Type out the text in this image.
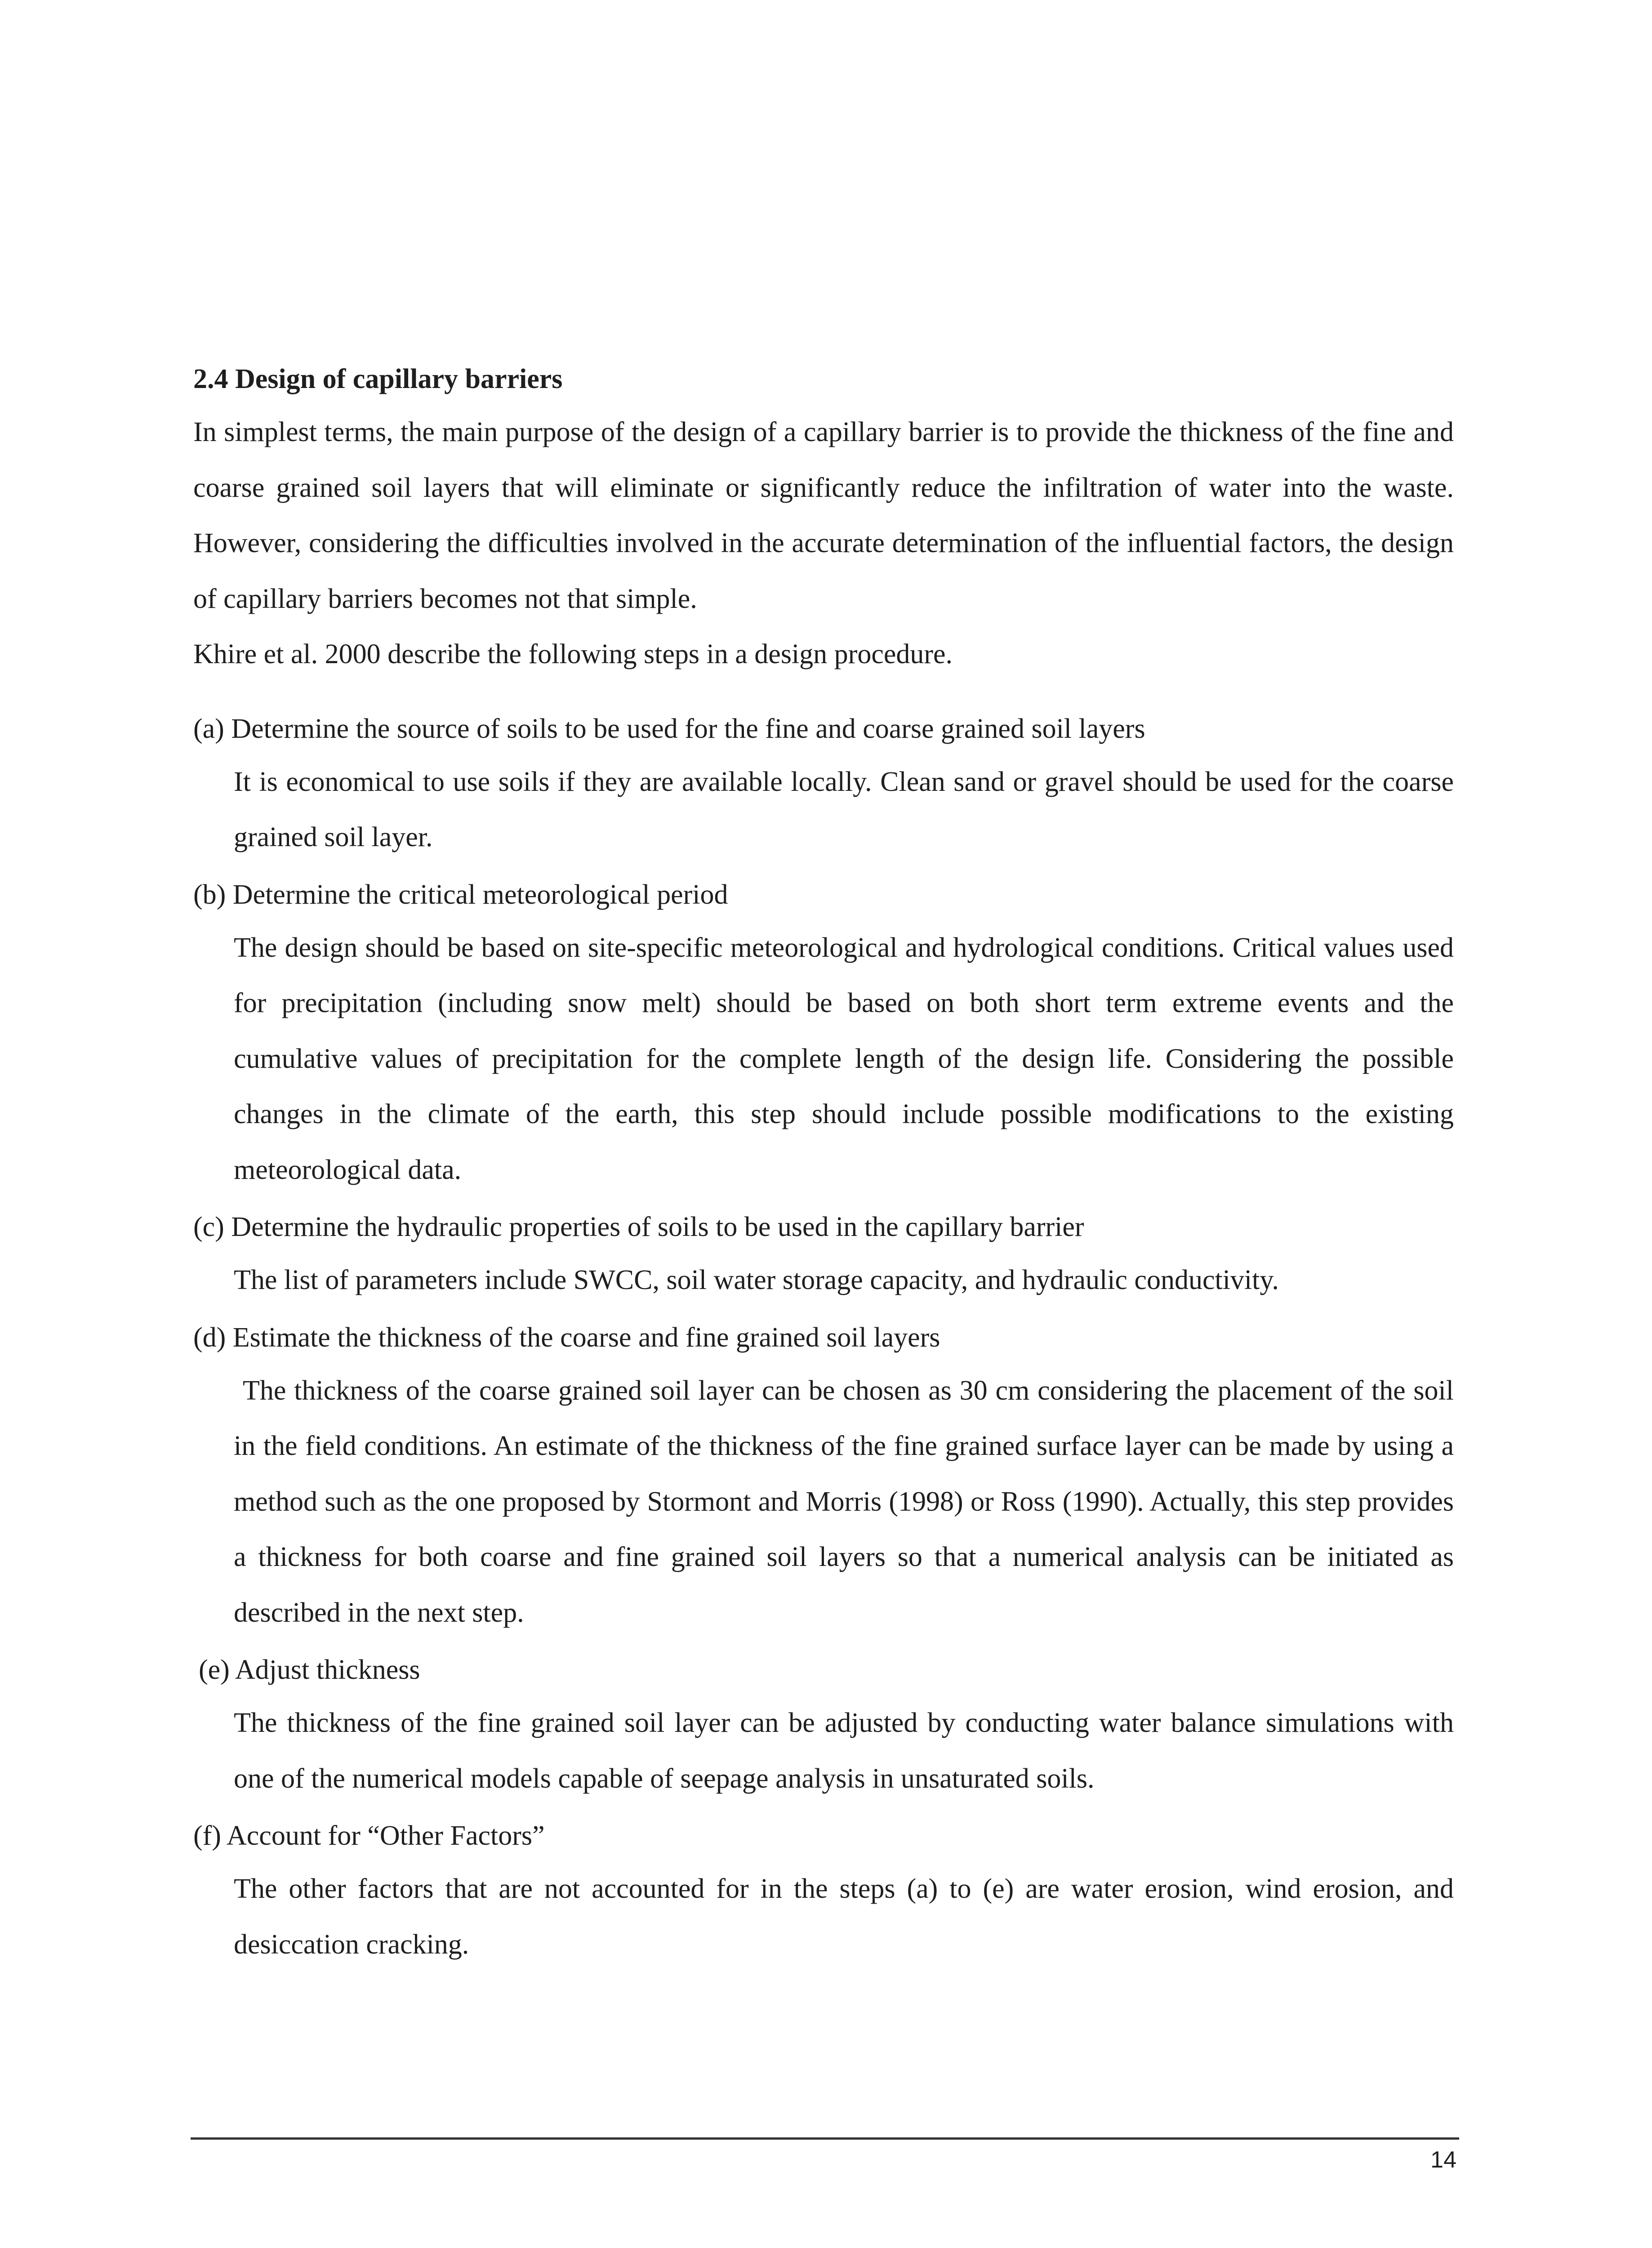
2.4 Design of capillary barriers

In simplest terms, the main purpose of the design of a capillary barrier is to provide the thickness of the fine and coarse grained soil layers that will eliminate or significantly reduce the infiltration of water into the waste. However, considering the difficulties involved in the accurate determination of the influential factors, the design of capillary barriers becomes not that simple.

Khire et al. 2000 describe the following steps in a design procedure.

(a) Determine the source of soils to be used for the fine and coarse grained soil layers
It is economical to use soils if they are available locally. Clean sand or gravel should be used for the coarse grained soil layer.
(b) Determine the critical meteorological period
The design should be based on site-specific meteorological and hydrological conditions. Critical values used for precipitation (including snow melt) should be based on both short term extreme events and the cumulative values of precipitation for the complete length of the design life. Considering the possible changes in the climate of the earth, this step should include possible modifications to the existing meteorological data.
(c) Determine the hydraulic properties of soils to be used in the capillary barrier
The list of parameters include SWCC, soil water storage capacity, and hydraulic conductivity.
(d) Estimate the thickness of the coarse and fine grained soil layers
The thickness of the coarse grained soil layer can be chosen as 30 cm considering the placement of the soil in the field conditions. An estimate of the thickness of the fine grained surface layer can be made by using a method such as the one proposed by Stormont and Morris (1998) or Ross (1990). Actually, this step provides a thickness for both coarse and fine grained soil layers so that a numerical analysis can be initiated as described in the next step.
(e) Adjust thickness
The thickness of the fine grained soil layer can be adjusted by conducting water balance simulations with one of the numerical models capable of seepage analysis in unsaturated soils.
(f) Account for “Other Factors”
The other factors that are not accounted for in the steps (a) to (e) are water erosion, wind erosion, and desiccation cracking.
14
